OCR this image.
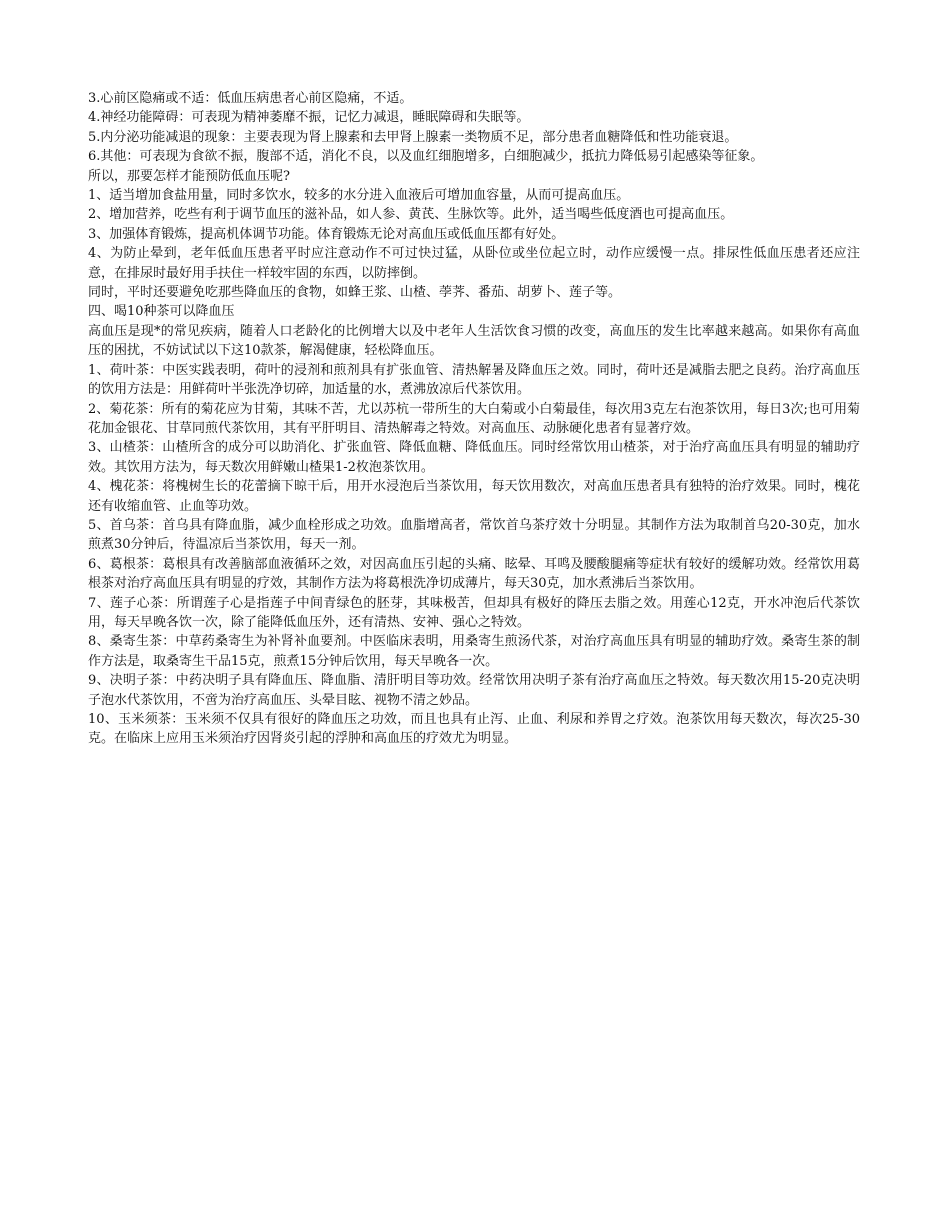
3.心前区隐痛或不适：低血压病患者心前区隐痛，不适。

4.神经功能障碍：可表现为精神萎靡不振，记忆力减退，睡眠障碍和失眠等。

5.内分泌功能减退的现象：主要表现为肾上腺素和去甲肾上腺素一类物质不足，部分患者血糖降低和性功能衰退。

6.其他：可表现为食欲不振，腹部不适，消化不良，以及血红细胞增多，白细胞减少，抵抗力降低易引起感染等征象。

所以，那要怎样才能预防低血压呢?

1、适当增加食盐用量，同时多饮水，较多的水分进入血液后可增加血容量，从而可提高血压。

2、增加营养，吃些有利于调节血压的滋补品，如人参、黄芪、生脉饮等。此外，适当喝些低度酒也可提高血压。

3、加强体育锻炼，提高机体调节功能。体育锻炼无论对高血压或低血压都有好处。

4、为防止晕到，老年低血压患者平时应注意动作不可过快过猛，从卧位或坐位起立时，动作应缓慢一点。排尿性低血压患者还应注意，在排尿时最好用手扶住一样较牢固的东西，以防摔倒。

同时，平时还要避免吃那些降血压的食物，如蜂王浆、山楂、荸荠、番茄、胡萝卜、莲子等。

四、喝10种茶可以降血压

高血压是现*的常见疾病，随着人口老龄化的比例增大以及中老年人生活饮食习惯的改变，高血压的发生比率越来越高。如果你有高血压的困扰，不妨试试以下这10款茶，解渴健康，轻松降血压。

1、荷叶茶：中医实践表明，荷叶的浸剂和煎剂具有扩张血管、清热解暑及降血压之效。同时，荷叶还是减脂去肥之良药。治疗高血压的饮用方法是：用鲜荷叶半张洗净切碎，加适量的水，煮沸放凉后代茶饮用。

2、菊花茶：所有的菊花应为甘菊，其味不苦，尤以苏杭一带所生的大白菊或小白菊最佳，每次用3克左右泡茶饮用，每日3次;也可用菊花加金银花、甘草同煎代茶饮用，其有平肝明目、清热解毒之特效。对高血压、动脉硬化患者有显著疗效。

3、山楂茶：山楂所含的成分可以助消化、扩张血管、降低血糖、降低血压。同时经常饮用山楂茶，对于治疗高血压具有明显的辅助疗效。其饮用方法为，每天数次用鲜嫩山楂果1-2枚泡茶饮用。

4、槐花茶：将槐树生长的花蕾摘下晾干后，用开水浸泡后当茶饮用，每天饮用数次，对高血压患者具有独特的治疗效果。同时，槐花还有收缩血管、止血等功效。

5、首乌茶：首乌具有降血脂，减少血栓形成之功效。血脂增高者，常饮首乌茶疗效十分明显。其制作方法为取制首乌20-30克，加水煎煮30分钟后，待温凉后当茶饮用，每天一剂。

6、葛根茶：葛根具有改善脑部血液循环之效，对因高血压引起的头痛、眩晕、耳鸣及腰酸腿痛等症状有较好的缓解功效。经常饮用葛根茶对治疗高血压具有明显的疗效，其制作方法为将葛根洗净切成薄片，每天30克，加水煮沸后当茶饮用。

7、莲子心茶：所谓莲子心是指莲子中间青绿色的胚芽，其味极苦，但却具有极好的降压去脂之效。用莲心12克，开水冲泡后代茶饮用，每天早晚各饮一次，除了能降低血压外，还有清热、安神、强心之特效。

8、桑寄生茶：中草药桑寄生为补肾补血要剂。中医临床表明，用桑寄生煎汤代茶，对治疗高血压具有明显的辅助疗效。桑寄生茶的制作方法是，取桑寄生干品15克，煎煮15分钟后饮用，每天早晚各一次。

9、决明子茶：中药决明子具有降血压、降血脂、清肝明目等功效。经常饮用决明子茶有治疗高血压之特效。每天数次用15-20克决明子泡水代茶饮用，不啻为治疗高血压、头晕目眩、视物不清之妙品。

10、玉米须茶：玉米须不仅具有很好的降血压之功效，而且也具有止泻、止血、利尿和养胃之疗效。泡茶饮用每天数次，每次25-30克。在临床上应用玉米须治疗因肾炎引起的浮肿和高血压的疗效尤为明显。
